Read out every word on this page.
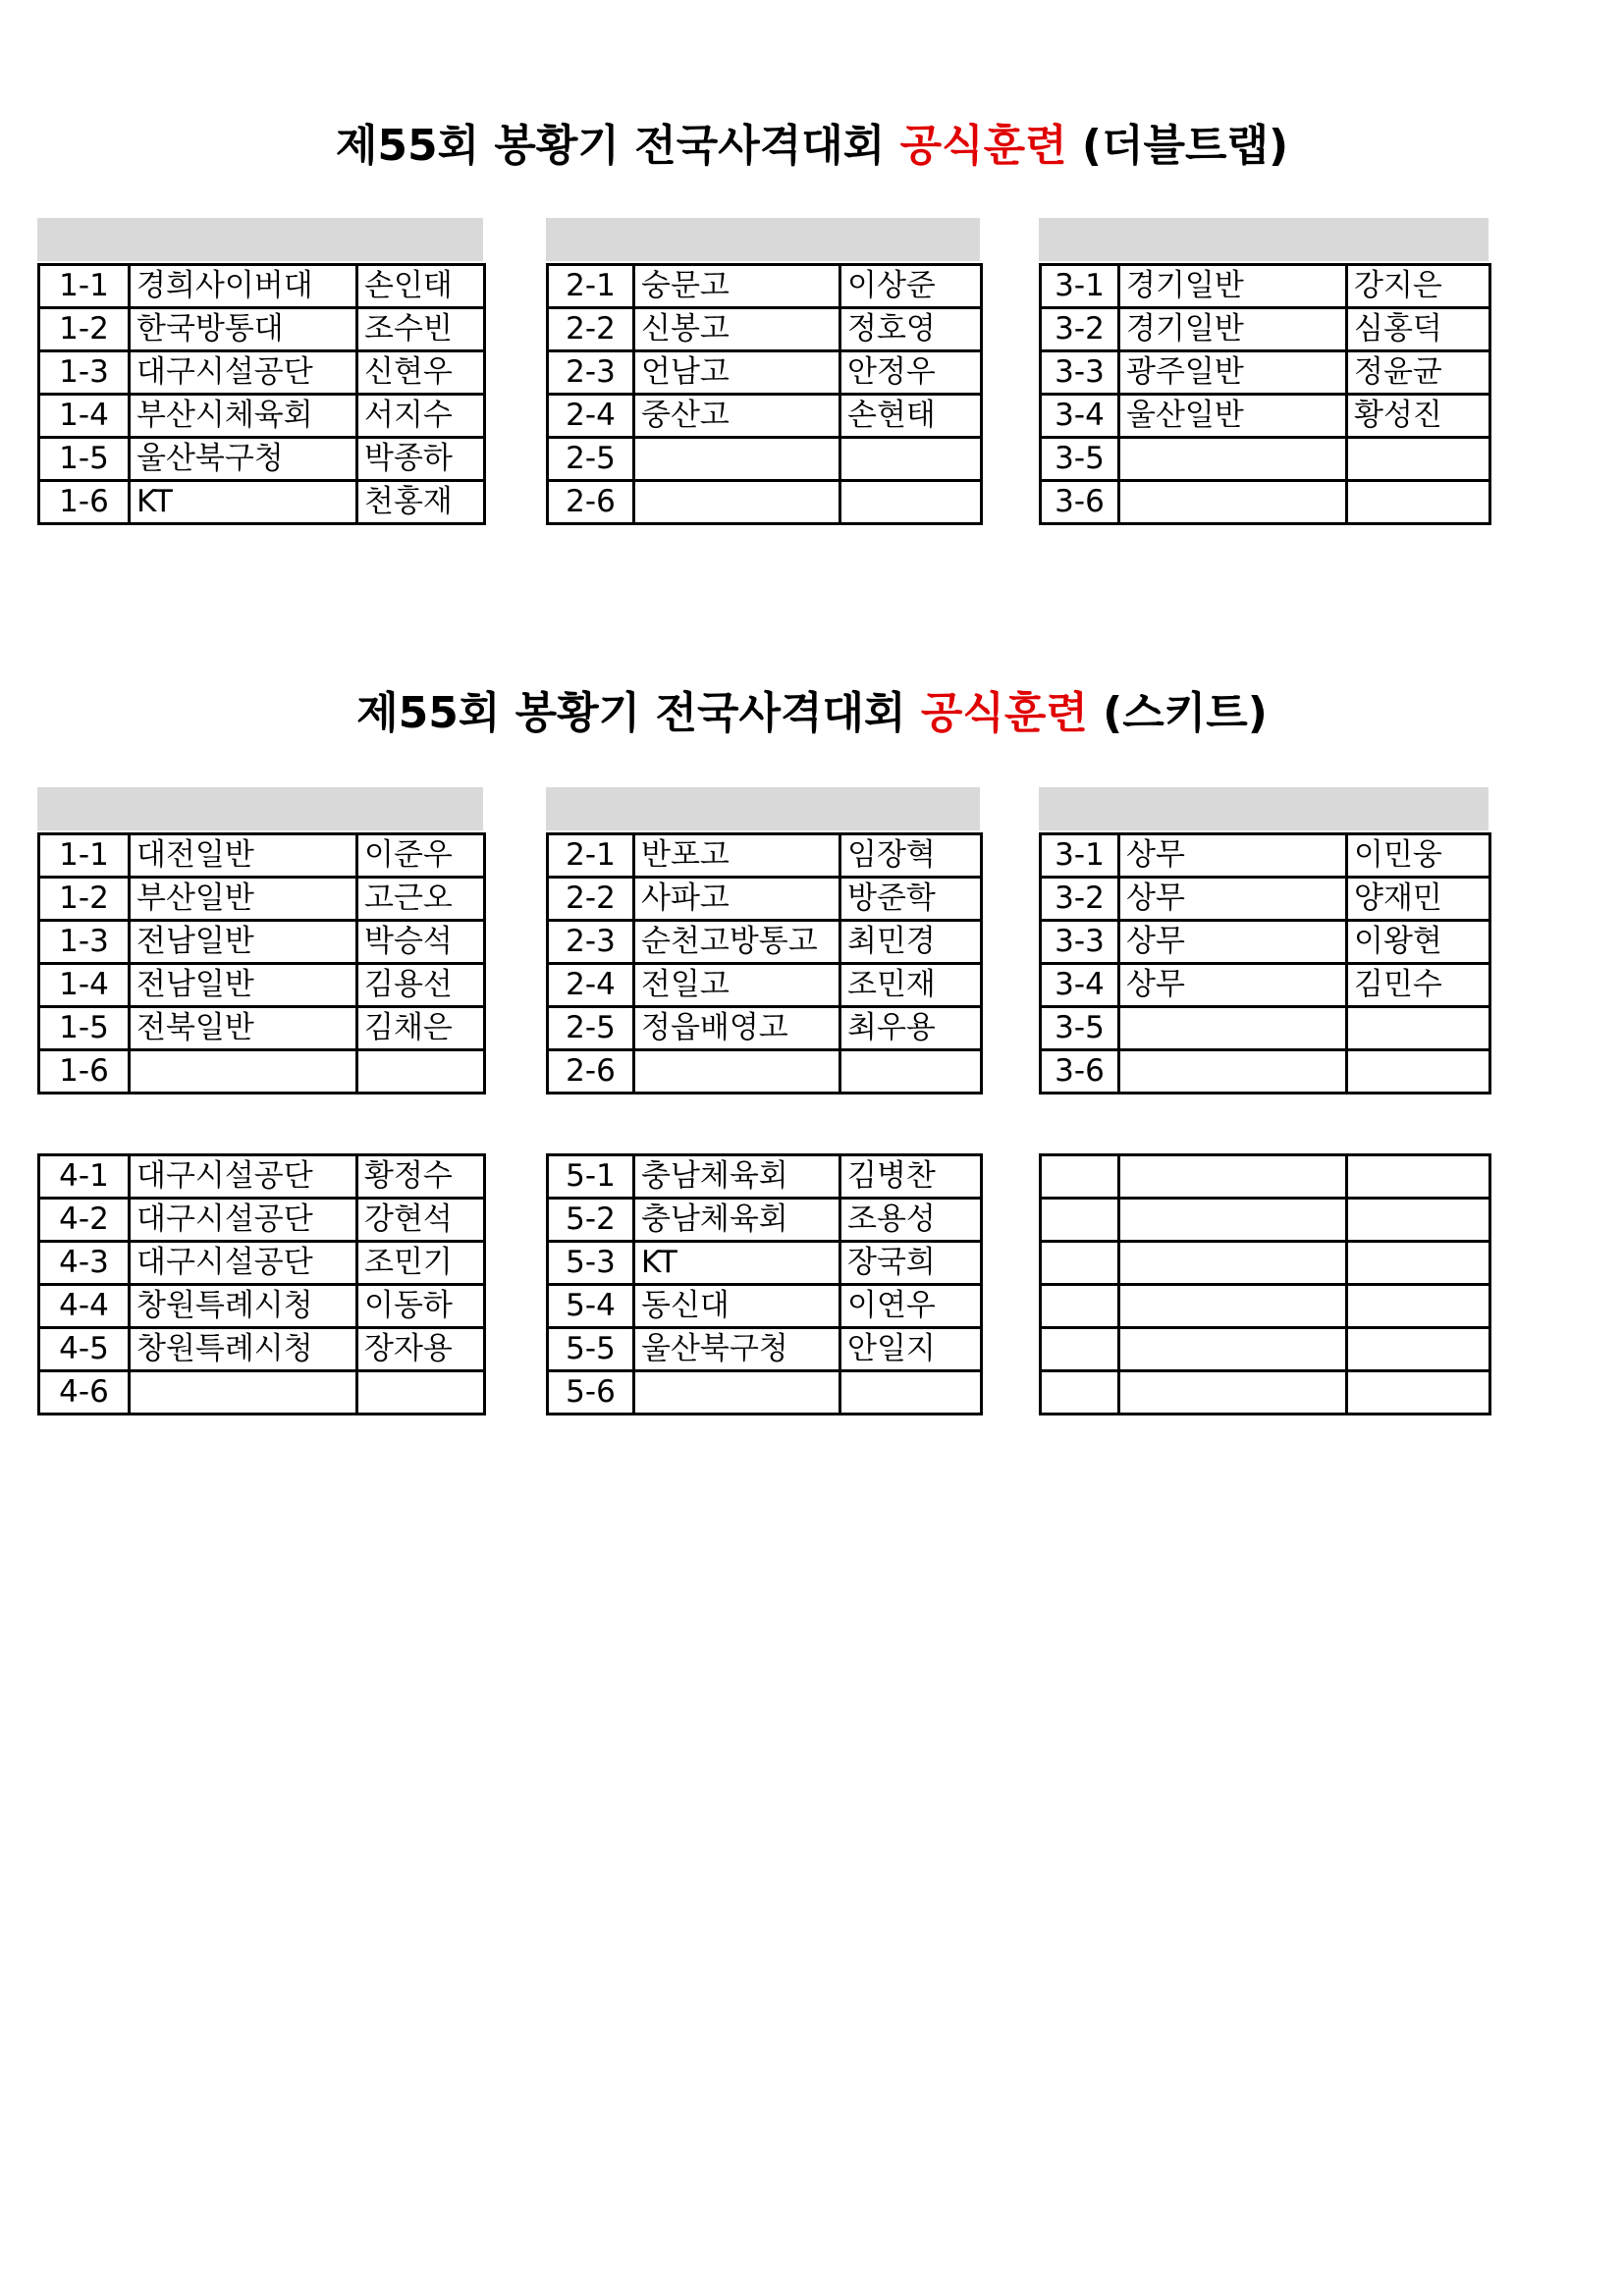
제55회 봉황기 전국사격대회 공식훈련 (더블트랩)
제55회 봉황기 전국사격대회 공식훈련 (스키트)
1-1	경희사이버대	손인태
1-2	한국방통대	조수빈
1-3	대구시설공단	신현우
1-4	부산시체육회	서지수
1-5	울산북구청	박종하
1-6	KT	천홍재
2-1	숭문고	이상준
2-2	신봉고	정호영
2-3	언남고	안정우
2-4	중산고	손현태
2-5		
2-6		
3-1	경기일반	강지은
3-2	경기일반	심홍덕
3-3	광주일반	정윤균
3-4	울산일반	황성진
3-5		
3-6		
1-1	대전일반	이준우
1-2	부산일반	고근오
1-3	전남일반	박승석
1-4	전남일반	김용선
1-5	전북일반	김채은
1-6		
2-1	반포고	임장혁
2-2	사파고	방준학
2-3	순천고방통고	최민경
2-4	전일고	조민재
2-5	정읍배영고	최우용
2-6		
3-1	상무	이민웅
3-2	상무	양재민
3-3	상무	이왕현
3-4	상무	김민수
3-5		
3-6		
4-1	대구시설공단	황정수
4-2	대구시설공단	강현석
4-3	대구시설공단	조민기
4-4	창원특례시청	이동하
4-5	창원특례시청	장자용
4-6		
5-1	충남체육회	김병찬
5-2	충남체육회	조용성
5-3	KT	장국희
5-4	동신대	이연우
5-5	울산북구청	안일지
5-6		
